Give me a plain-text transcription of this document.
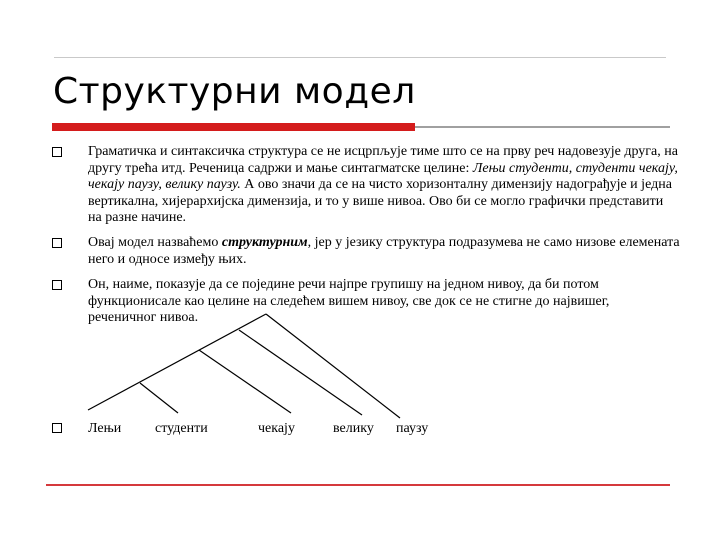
Структурни модел
Граматичка и синтаксичка структура се не исцрпљује тиме што се на прву реч надовезује друга, на другу трећа итд. Реченица садржи и мање синтагматске целине: Лењи студенти, студенти чекају, чекају паузу, велику паузу. А ово значи да се на чисто хоризонталну димензију надограђује и једна вертикална, хијерархијска димензија, и то у више нивоа. Ово би се могло графички представити на разне начине.
Овај модел назваћемо структурним, јер у језику структура подразумева не само низове елемената него и односе између њих.
Он, наиме, показује да се поједине речи најпре групишу на једном нивоу, да би потом функционисале као целине на следећем вишем нивоу, све док се не стигне до највишег, реченичног нивоа.
Лењи студенти	чекају	велику паузу
